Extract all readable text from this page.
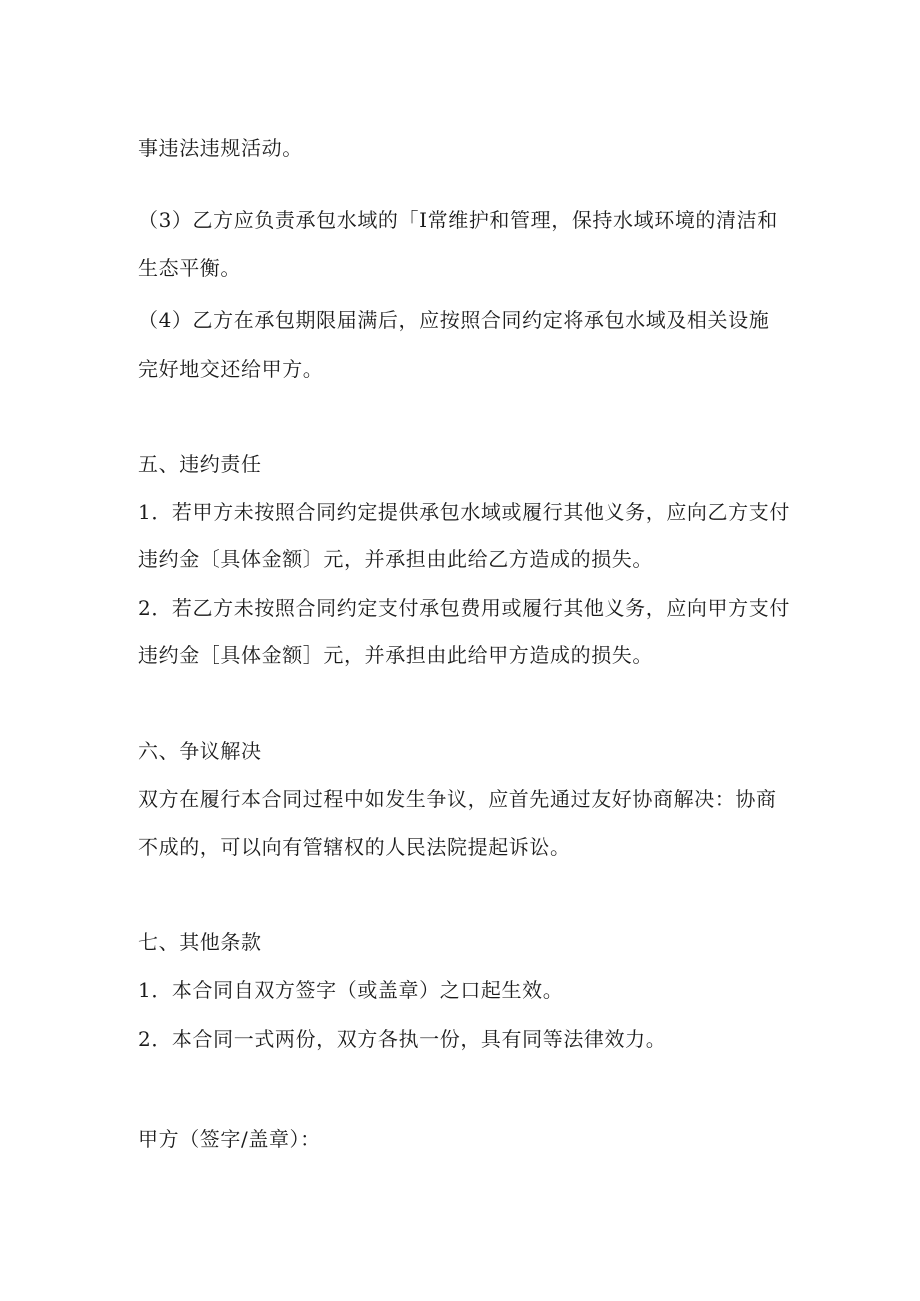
事违法违规活动。
（3）乙方应负责承包水域的「I常维护和管理，保持水域环境的清洁和
生态平衡。
（4）乙方在承包期限届满后，应按照合同约定将承包水域及相关设施
完好地交还给甲方。
五、违约责任
1．若甲方未按照合同约定提供承包水域或履行其他义务，应向乙方支付
违约金〔具体金额〕元，并承担由此给乙方造成的损失。
2．若乙方未按照合同约定支付承包费用或履行其他义务，应向甲方支付
违约金［具体金额］元，并承担由此给甲方造成的损失。
六、争议解决
双方在履行本合同过程中如发生争议，应首先通过友好协商解决：协商
不成的，可以向有管辖权的人民法院提起诉讼。
七、其他条款
1．本合同自双方签字（或盖章）之口起生效。
2．本合同一式两份，双方各执一份，具有同等法律效力。
甲方（签字/盖章）：
